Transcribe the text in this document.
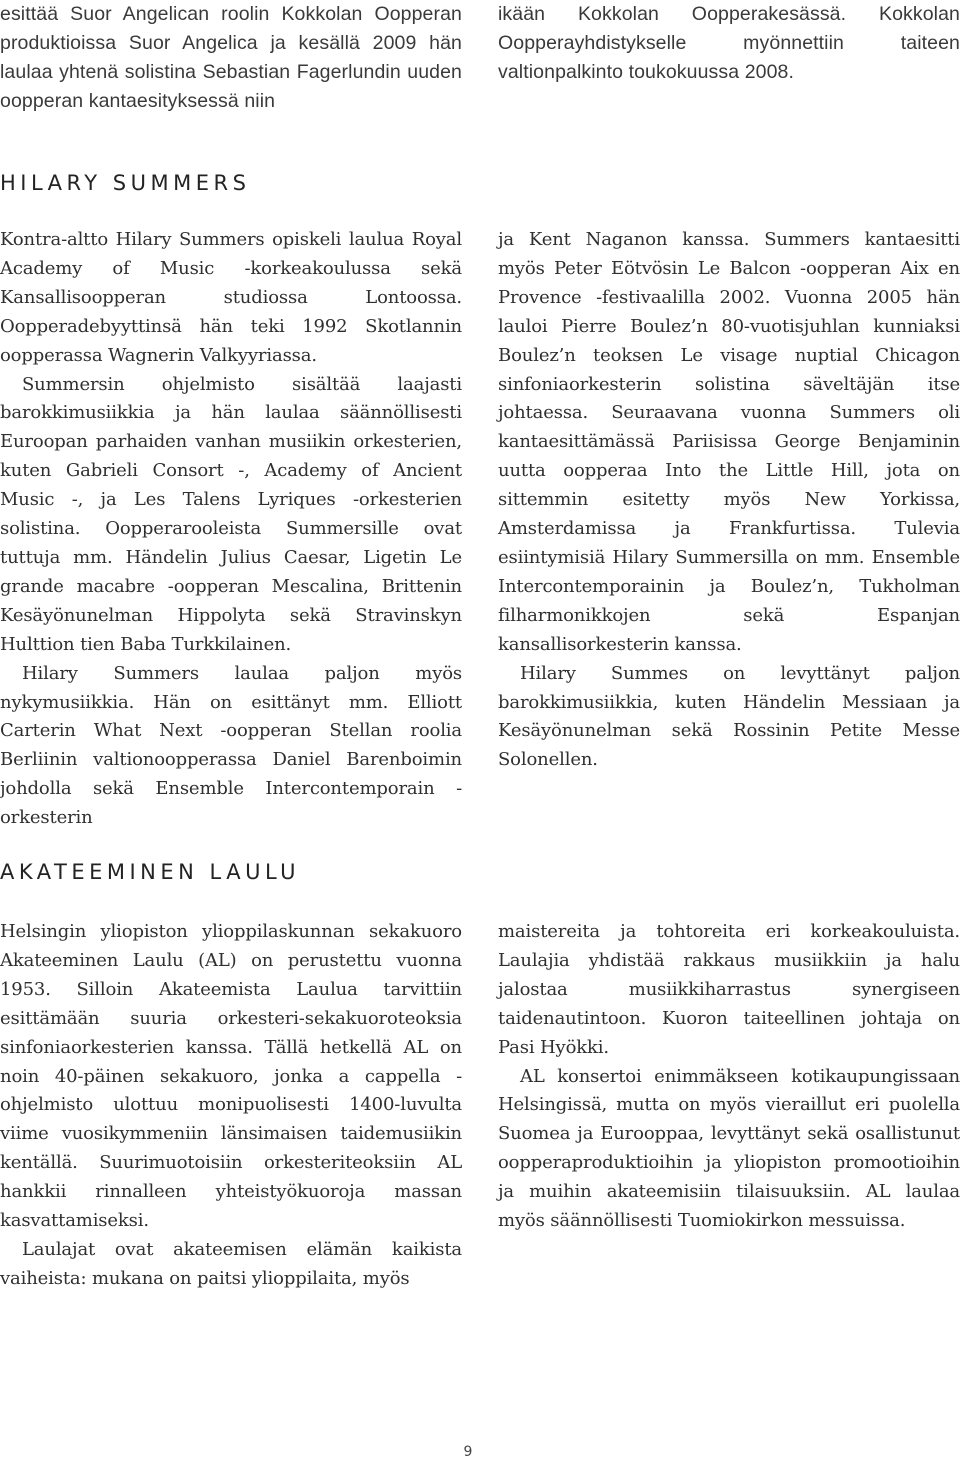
esittää Suor Angelican roolin Kokkolan Oopperan produktioissa Suor Angelica ja kesällä 2009 hän laulaa yhtenä solistina Sebastian Fagerlundin uuden oopperan kantaesityksessä niin

ikään Kokkolan Oopperakesässä. Kokkolan Oopperayhdistykselle myönnettiin taiteen valtionpalkinto toukokuussa 2008.

HILARY SUMMERS

Kontra-altto Hilary Summers opiskeli laulua Royal Academy of Music -korkeakoulussa sekä Kansallisoopperan studiossa Lontoossa. Oopperadebyyttinsä hän teki 1992 Skotlannin oopperassa Wagnerin Valkyyriassa.

Summersin ohjelmisto sisältää laajasti barokkimusiikkia ja hän laulaa säännöllisesti Euroopan parhaiden vanhan musiikin orkesterien, kuten Gabrieli Consort -, Academy of Ancient Music -, ja Les Talens Lyriques -orkesterien solistina. Oopperarooleista Summersille ovat tuttuja mm. Händelin Julius Caesar, Ligetin Le grande macabre -oopperan Mescalina, Brittenin Kesäyönunelman Hippolyta sekä Stravinskyn Hulttion tien Baba Turkkilainen.

Hilary Summers laulaa paljon myös nykymusiikkia. Hän on esittänyt mm. Elliott Carterin What Next -oopperan Stellan roolia Berliinin valtionoopperassa Daniel Barenboimin johdolla sekä Ensemble Intercontemporain -orkesterin

ja Kent Naganon kanssa. Summers kantaesitti myös Peter Eötvösin Le Balcon -oopperan Aix en Provence -festivaalilla 2002. Vuonna 2005 hän lauloi Pierre Boulez’n 80-vuotisjuhlan kunniaksi Boulez’n teoksen Le visage nuptial Chicagon sinfoniaorkesterin solistina säveltäjän itse johtaessa. Seuraavana vuonna Summers oli kantaesittämässä Pariisissa George Benjaminin uutta oopperaa Into the Little Hill, jota on sittemmin esitetty myös New Yorkissa, Amsterdamissa ja Frankfurtissa. Tulevia esiintymisiä Hilary Summersilla on mm. Ensemble Intercontemporainin ja Boulez’n, Tukholman filharmonikkojen sekä Espanjan kansallisorkesterin kanssa.

Hilary Summes on levyttänyt paljon barokkimusiikkia, kuten Händelin Messiaan ja Kesäyönunelman sekä Rossinin Petite Messe Solonellen.

AKATEEMINEN LAULU

Helsingin yliopiston ylioppilaskunnan sekakuoro Akateeminen Laulu (AL) on perustettu vuonna 1953. Silloin Akateemista Laulua tarvittiin esittämään suuria orkesteri-sekakuoroteoksia sinfoniaorkesterien kanssa. Tällä hetkellä AL on noin 40-päinen sekakuoro, jonka a cappella -ohjelmisto ulottuu monipuolisesti 1400-luvulta viime vuosikymmeniin länsimaisen taidemusiikin kentällä. Suurimuotoisiin orkesteriteoksiin AL hankkii rinnalleen yhteistyökuoroja massan kasvattamiseksi.

Laulajat ovat akateemisen elämän kaikista vaiheista: mukana on paitsi ylioppilaita, myös

maistereita ja tohtoreita eri korkeakouluista. Laulajia yhdistää rakkaus musiikkiin ja halu jalostaa musiikkiharrastus synergiseen taidenautintoon. Kuoron taiteellinen johtaja on Pasi Hyökki.

AL konsertoi enimmäkseen kotikaupungissaan Helsingissä, mutta on myös vieraillut eri puolella Suomea ja Eurooppaa, levyttänyt sekä osallistunut oopperaproduktioihin ja yliopiston promootioihin ja muihin akateemisiin tilaisuuksiin. AL laulaa myös säännöllisesti Tuomiokirkon messuissa.

9
